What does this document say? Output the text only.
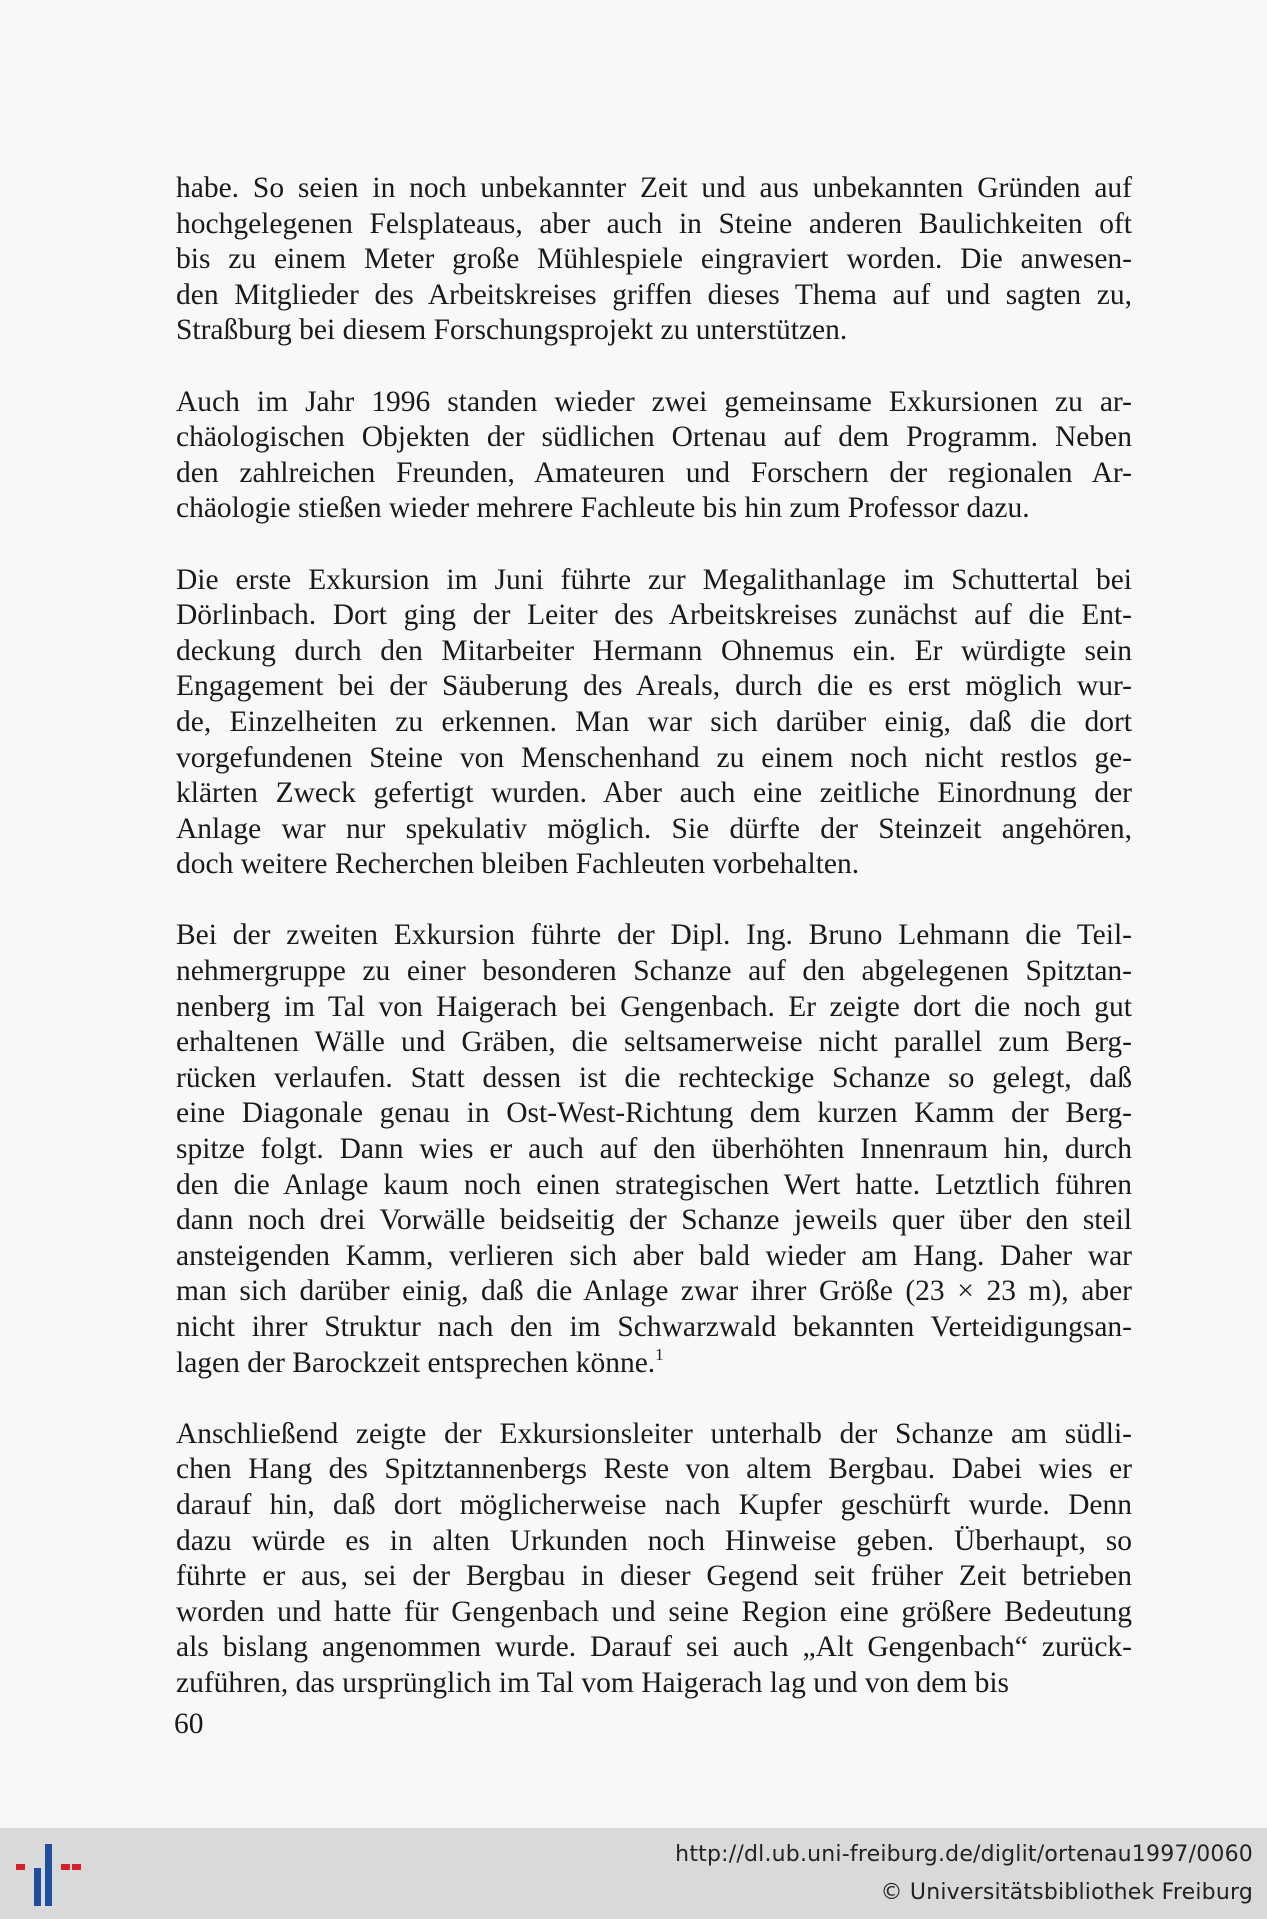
habe. So seien in noch unbekannter Zeit und aus unbekannten Gründen auf
hochgelegenen Felsplateaus, aber auch in Steine anderen Baulichkeiten oft
bis zu einem Meter große Mühlespiele eingraviert worden. Die anwesen-
den Mitglieder des Arbeitskreises griffen dieses Thema auf und sagten zu,
Straßburg bei diesem Forschungsprojekt zu unterstützen.
Auch im Jahr 1996 standen wieder zwei gemeinsame Exkursionen zu ar-
chäologischen Objekten der südlichen Ortenau auf dem Programm. Neben
den zahlreichen Freunden, Amateuren und Forschern der regionalen Ar-
chäologie stießen wieder mehrere Fachleute bis hin zum Professor dazu.
Die erste Exkursion im Juni führte zur Megalithanlage im Schuttertal bei
Dörlinbach. Dort ging der Leiter des Arbeitskreises zunächst auf die Ent-
deckung durch den Mitarbeiter Hermann Ohnemus ein. Er würdigte sein
Engagement bei der Säuberung des Areals, durch die es erst möglich wur-
de, Einzelheiten zu erkennen. Man war sich darüber einig, daß die dort
vorgefundenen Steine von Menschenhand zu einem noch nicht restlos ge-
klärten Zweck gefertigt wurden. Aber auch eine zeitliche Einordnung der
Anlage war nur spekulativ möglich. Sie dürfte der Steinzeit angehören,
doch weitere Recherchen bleiben Fachleuten vorbehalten.
Bei der zweiten Exkursion führte der Dipl. Ing. Bruno Lehmann die Teil-
nehmergruppe zu einer besonderen Schanze auf den abgelegenen Spitztan-
nenberg im Tal von Haigerach bei Gengenbach. Er zeigte dort die noch gut
erhaltenen Wälle und Gräben, die seltsamerweise nicht parallel zum Berg-
rücken verlaufen. Statt dessen ist die rechteckige Schanze so gelegt, daß
eine Diagonale genau in Ost-West-Richtung dem kurzen Kamm der Berg-
spitze folgt. Dann wies er auch auf den überhöhten Innenraum hin, durch
den die Anlage kaum noch einen strategischen Wert hatte. Letztlich führen
dann noch drei Vorwälle beidseitig der Schanze jeweils quer über den steil
ansteigenden Kamm, verlieren sich aber bald wieder am Hang. Daher war
man sich darüber einig, daß die Anlage zwar ihrer Größe (23 × 23 m), aber
nicht ihrer Struktur nach den im Schwarzwald bekannten Verteidigungsan-
lagen der Barockzeit entsprechen könne.$^1$
Anschließend zeigte der Exkursionsleiter unterhalb der Schanze am südli-
chen Hang des Spitztannenbergs Reste von altem Bergbau. Dabei wies er
darauf hin, daß dort möglicherweise nach Kupfer geschürft wurde. Denn
dazu würde es in alten Urkunden noch Hinweise geben. Überhaupt, so
führte er aus, sei der Bergbau in dieser Gegend seit früher Zeit betrieben
worden und hatte für Gengenbach und seine Region eine größere Bedeutung
als bislang angenommen wurde. Darauf sei auch „Alt Gengenbach“ zurück-
zuführen, das ursprünglich im Tal vom Haigerach lag und von dem bis
60
http://dl.ub.uni-freiburg.de/diglit/ortenau1997/0060
© Universitätsbibliothek Freiburg
